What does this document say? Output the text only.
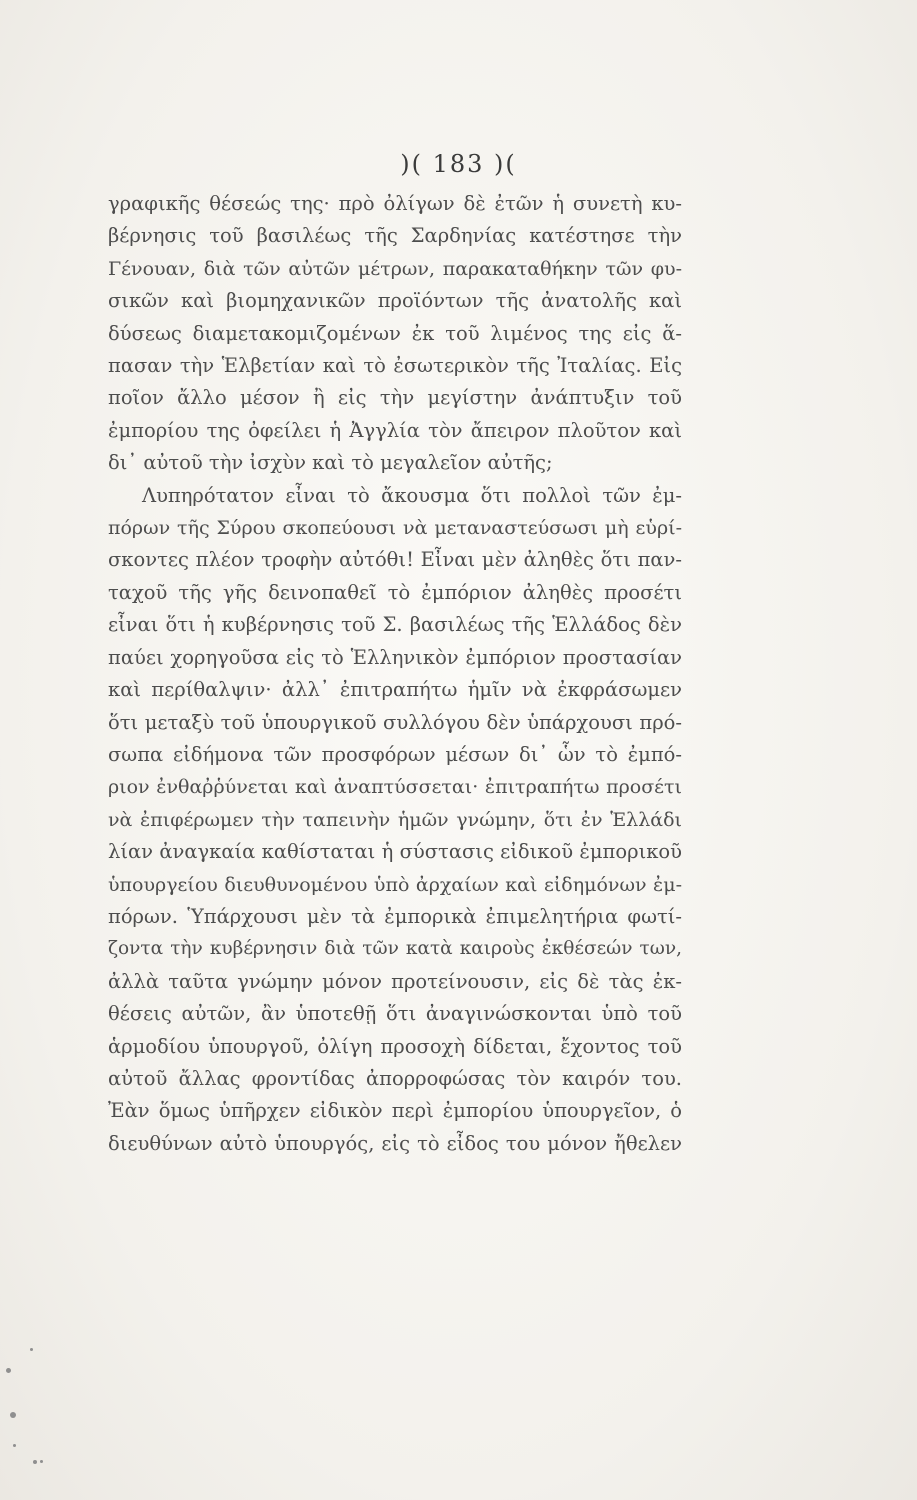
)( 183 )(
γραφικῆς θέσεώς της· πρὸ ὀλίγων δὲ ἐτῶν ἡ συνετὴ κυ-
βέρνησις τοῦ βασιλέως τῆς Σαρδηνίας κατέστησε τὴν
Γένουαν, διὰ τῶν αὐτῶν μέτρων, παρακαταθήκην τῶν φυ-
σικῶν καὶ βιομηχανικῶν προϊόντων τῆς ἀνατολῆς καὶ
δύσεως διαμετακομιζομένων ἐκ τοῦ λιμένος της εἰς ἅ-
πασαν τὴν Ἑλβετίαν καὶ τὸ ἐσωτερικὸν τῆς Ἰταλίας. Εἰς
ποῖον ἄλλο μέσον ἢ εἰς τὴν μεγίστην ἀνάπτυξιν τοῦ
ἐμπορίου της ὀφείλει ἡ Ἀγγλία τὸν ἄπειρον πλοῦτον καὶ
δι᾿ αὐτοῦ τὴν ἰσχὺν καὶ τὸ μεγαλεῖον αὐτῆς;
Λυπηρότατον εἶναι τὸ ἄκουσμα ὅτι πολλοὶ τῶν ἐμ-
πόρων τῆς Σύρου σκοπεύουσι νὰ μεταναστεύσωσι μὴ εὑρί-
σκοντες πλέον τροφὴν αὐτόθι! Εἶναι μὲν ἀληθὲς ὅτι παν-
ταχοῦ τῆς γῆς δεινοπαθεῖ τὸ ἐμπόριον ἀληθὲς προσέτι
εἶναι ὅτι ἡ κυβέρνησις τοῦ Σ. βασιλέως τῆς Ἑλλάδος δὲν
παύει χορηγοῦσα εἰς τὸ Ἑλληνικὸν ἐμπόριον προστασίαν
καὶ περίθαλψιν· ἀλλ᾿ ἐπιτραπήτω ἡμῖν νὰ ἐκφράσωμεν
ὅτι μεταξὺ τοῦ ὑπουργικοῦ συλλόγου δὲν ὑπάρχουσι πρό-
σωπα εἰδήμονα τῶν προσφόρων μέσων δι᾿ ὧν τὸ ἐμπό-
ριον ἐνθαῤῥύνεται καὶ ἀναπτύσσεται· ἐπιτραπήτω προσέτι
νὰ ἐπιφέρωμεν τὴν ταπεινὴν ἡμῶν γνώμην, ὅτι ἐν Ἑλλάδι
λίαν ἀναγκαία καθίσταται ἡ σύστασις εἰδικοῦ ἐμπορικοῦ
ὑπουργείου διευθυνομένου ὑπὸ ἀρχαίων καὶ εἰδημόνων ἐμ-
πόρων. Ὑπάρχουσι μὲν τὰ ἐμπορικὰ ἐπιμελητήρια φωτί-
ζοντα τὴν κυβέρνησιν διὰ τῶν κατὰ καιροὺς ἐκθέσεών των,
ἀλλὰ ταῦτα γνώμην μόνον προτείνουσιν, εἰς δὲ τὰς ἐκ-
θέσεις αὐτῶν, ἂν ὑποτεθῇ ὅτι ἀναγινώσκονται ὑπὸ τοῦ
ἁρμοδίου ὑπουργοῦ, ὀλίγη προσοχὴ δίδεται, ἔχοντος τοῦ
αὐτοῦ ἄλλας φροντίδας ἀπορροφώσας τὸν καιρόν του.
Ἐὰν ὅμως ὑπῆρχεν εἰδικὸν περὶ ἐμπορίου ὑπουργεῖον, ὁ
διευθύνων αὐτὸ ὑπουργός, εἰς τὸ εἶδος του μόνον ἤθελεν
